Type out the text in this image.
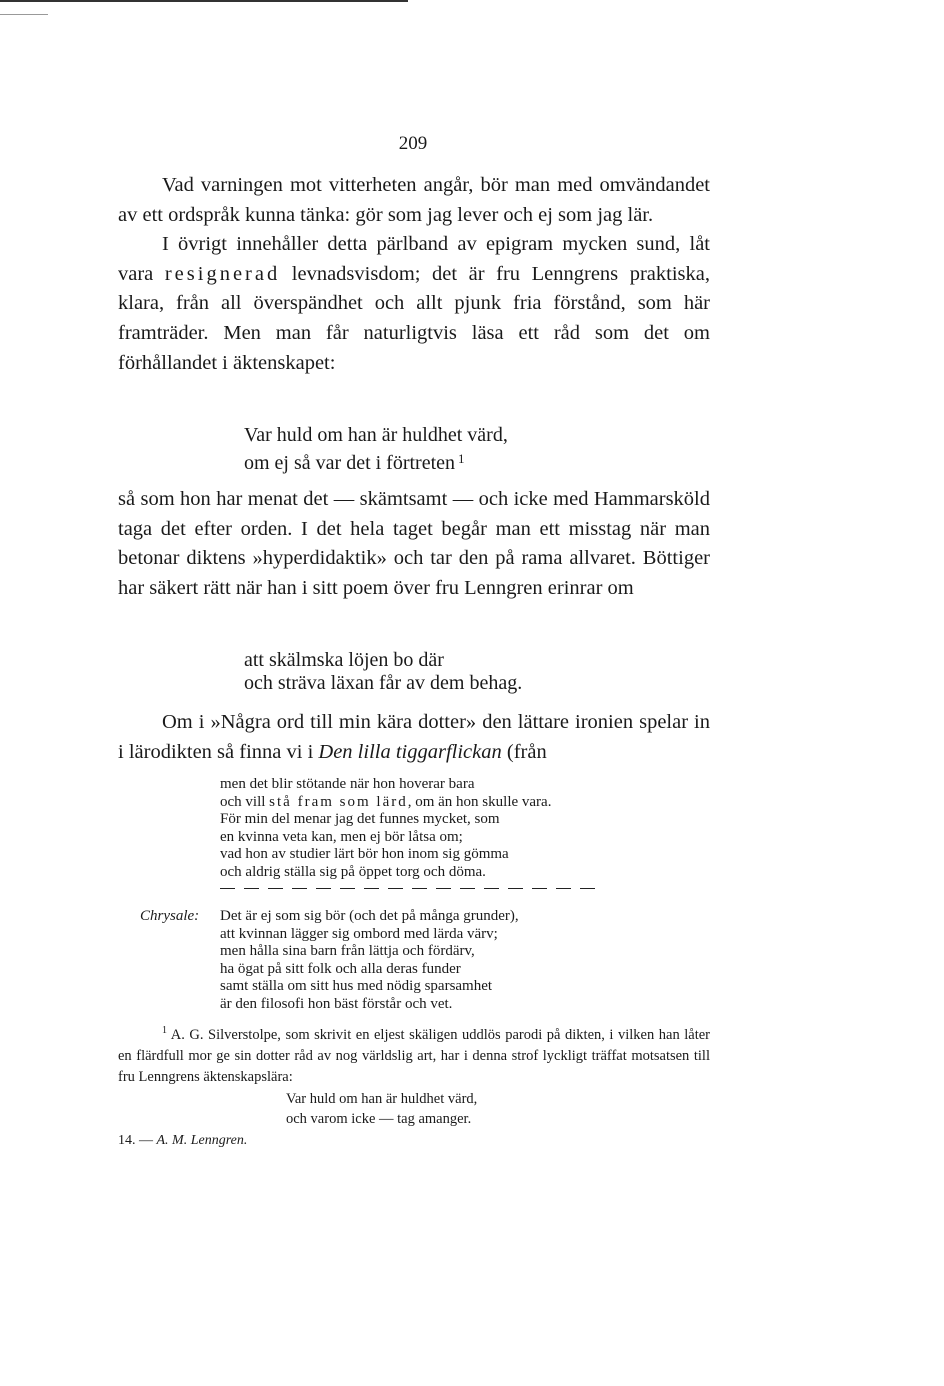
209

Vad varningen mot vitterheten angår, bör man med omvändandet av ett ordspråk kunna tänka: gör som jag lever och ej som jag lär.

I övrigt innehåller detta pärlband av epigram mycken sund, låt vara resignerad levnadsvisdom; det är fru Lenngrens praktiska, klara, från all överspändhet och allt pjunk fria förstånd, som här framträder. Men man får naturligtvis läsa ett råd som det om förhållandet i äktenskapet:

Var huld om han är huldhet värd,
om ej så var det i förtreten $^1$

så som hon har menat det — skämtsamt — och icke med Hammarsköld taga det efter orden. I det hela taget begår man ett misstag när man betonar diktens »hyperdidaktik» och tar den på rama allvaret. Böttiger har säkert rätt när han i sitt poem över fru Lenngren erinrar om

att skälmska löjen bo där
och sträva läxan får av dem behag.

Om i »Några ord till min kära dotter» den lättare ironien spelar in i lärodikten så finna vi i Den lilla tiggarflickan (från

men det blir stötande när hon hoverar bara
och vill stå fram som lärd, om än hon skulle vara.
För min del menar jag det funnes mycket, som
en kvinna veta kan, men ej bör låtsa om;
vad hon av studier lärt bör hon inom sig gömma
och aldrig ställa sig på öppet torg och döma.
Chrysale: Det är ej som sig bör (och det på många grunder),
att kvinnan lägger sig ombord med lärda värv;
men hålla sina barn från lättja och fördärv,
ha ögat på sitt folk och alla deras funder
samt ställa om sitt hus med nödig sparsamhet
är den filosofi hon bäst förstår och vet.

$^1$ A. G. Silverstolpe, som skrivit en eljest skäligen uddlös parodi på dikten, i vilken han låter en flärdfull mor ge sin dotter råd av nog världslig art, har i denna strof lyckligt träffat motsatsen till fru Lenngrens äktenskapslära:

Var huld om han är huldhet värd,
och varom icke — tag amanger.
14. — A. M. Lenngren.
